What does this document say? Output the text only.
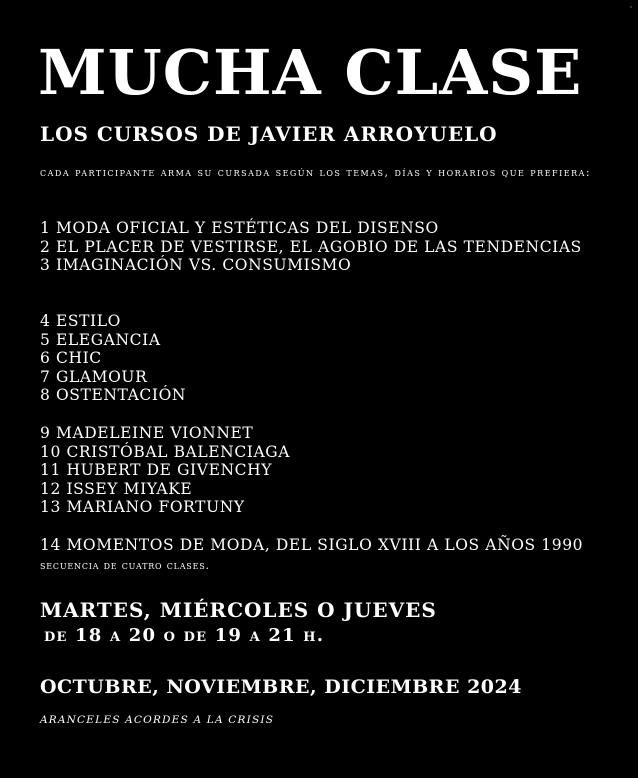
MUCHA CLASE
LOS CURSOS DE JAVIER ARROYUELO
cada participante arma su cursada según los temas, días y horarios que prefiera:
1 MODA OFICIAL Y ESTÉTICAS DEL DISENSO
2 EL PLACER DE VESTIRSE, EL AGOBIO DE LAS TENDENCIAS
3 IMAGINACIÓN VS. CONSUMISMO
4 ESTILO
5 ELEGANCIA
6 CHIC
7 GLAMOUR
8 OSTENTACIÓN
9 MADELEINE VIONNET
10 CRISTÓBAL BALENCIAGA
11 HUBERT DE GIVENCHY
12 ISSEY MIYAKE
13 MARIANO FORTUNY
14 MOMENTOS DE MODA, DEL SIGLO XVIII A LOS AÑOS 1990 secuencia de cuatro clases.
MARTES, MIÉRCOLES O JUEVES
de 18 a 20 o de 19 a 21 h.
OCTUBRE, NOVIEMBRE, DICIEMBRE 2024
ARANCELES ACORDES A LA CRISIS
